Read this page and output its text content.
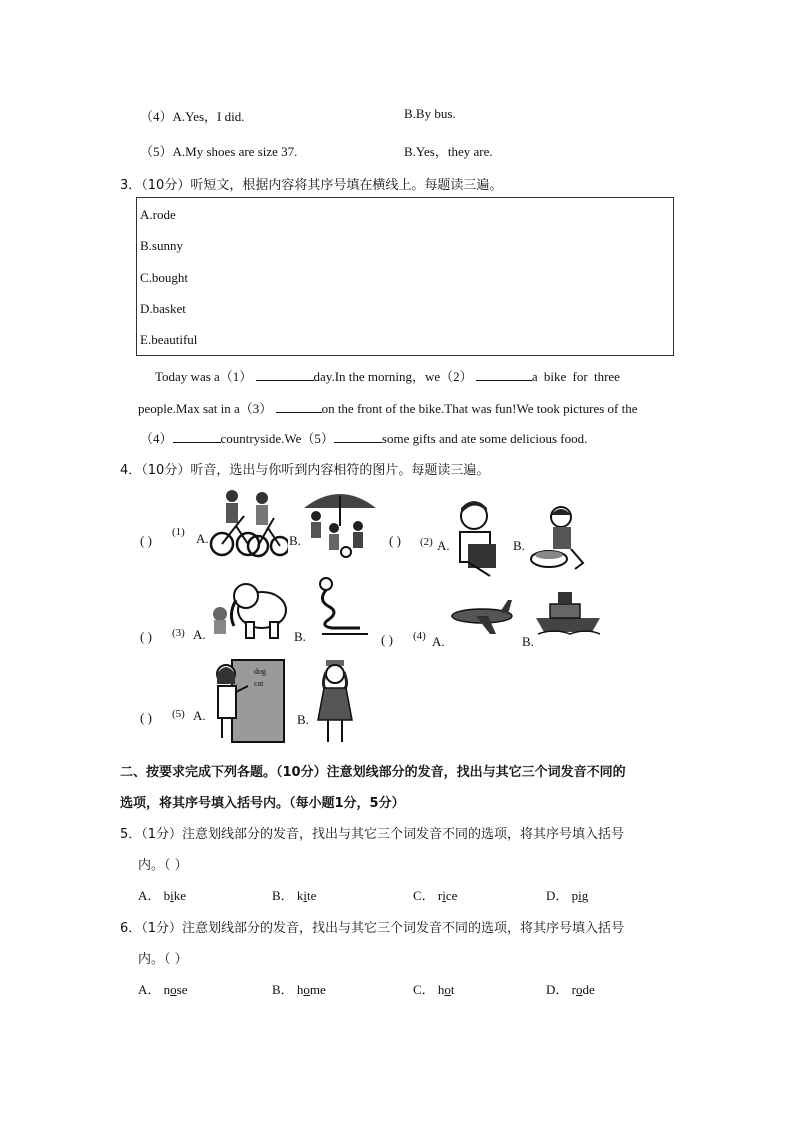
（4）A.Yes，I did.	B.By bus.
（5）A.My shoes are size 37.	B.Yes，they are.
3．（10分）听短文，根据内容将其序号填在横线上。每题读三遍。
A.rode
B.sunny
C.bought
D.basket
E.beautiful
Today was a（1）	day.In the morning，we（2）	a bike for three
people.Max sat in a（3）	on the front of the bike.That was fun!We took pictures of the
（4）	countryside.We（5）	some gifts and ate some delicious food.
4．（10分）听音，选出与你听到内容相符的图片。每题读三遍。
( )
(1) A.	B.	( ) (2) A.	B.
( ) (3) A.	B.	( ) (4) A.	B.
( ) (5) A.
dog
cat
B.
二、按要求完成下列各题。（10分）注意划线部分的发音，找出与其它三个词发音不同的
选项，将其序号填入括号内。（每小题1分，5分）
5．（1分）注意划线部分的发音，找出与其它三个词发音不同的选项，将其序号填入括号
内。（ ）
A． bike	B． kite	C． rice	D． pig
6．（1分）注意划线部分的发音，找出与其它三个词发音不同的选项，将其序号填入括号
内。（ ）
A． nose	B． home	C． hot	D． rode
